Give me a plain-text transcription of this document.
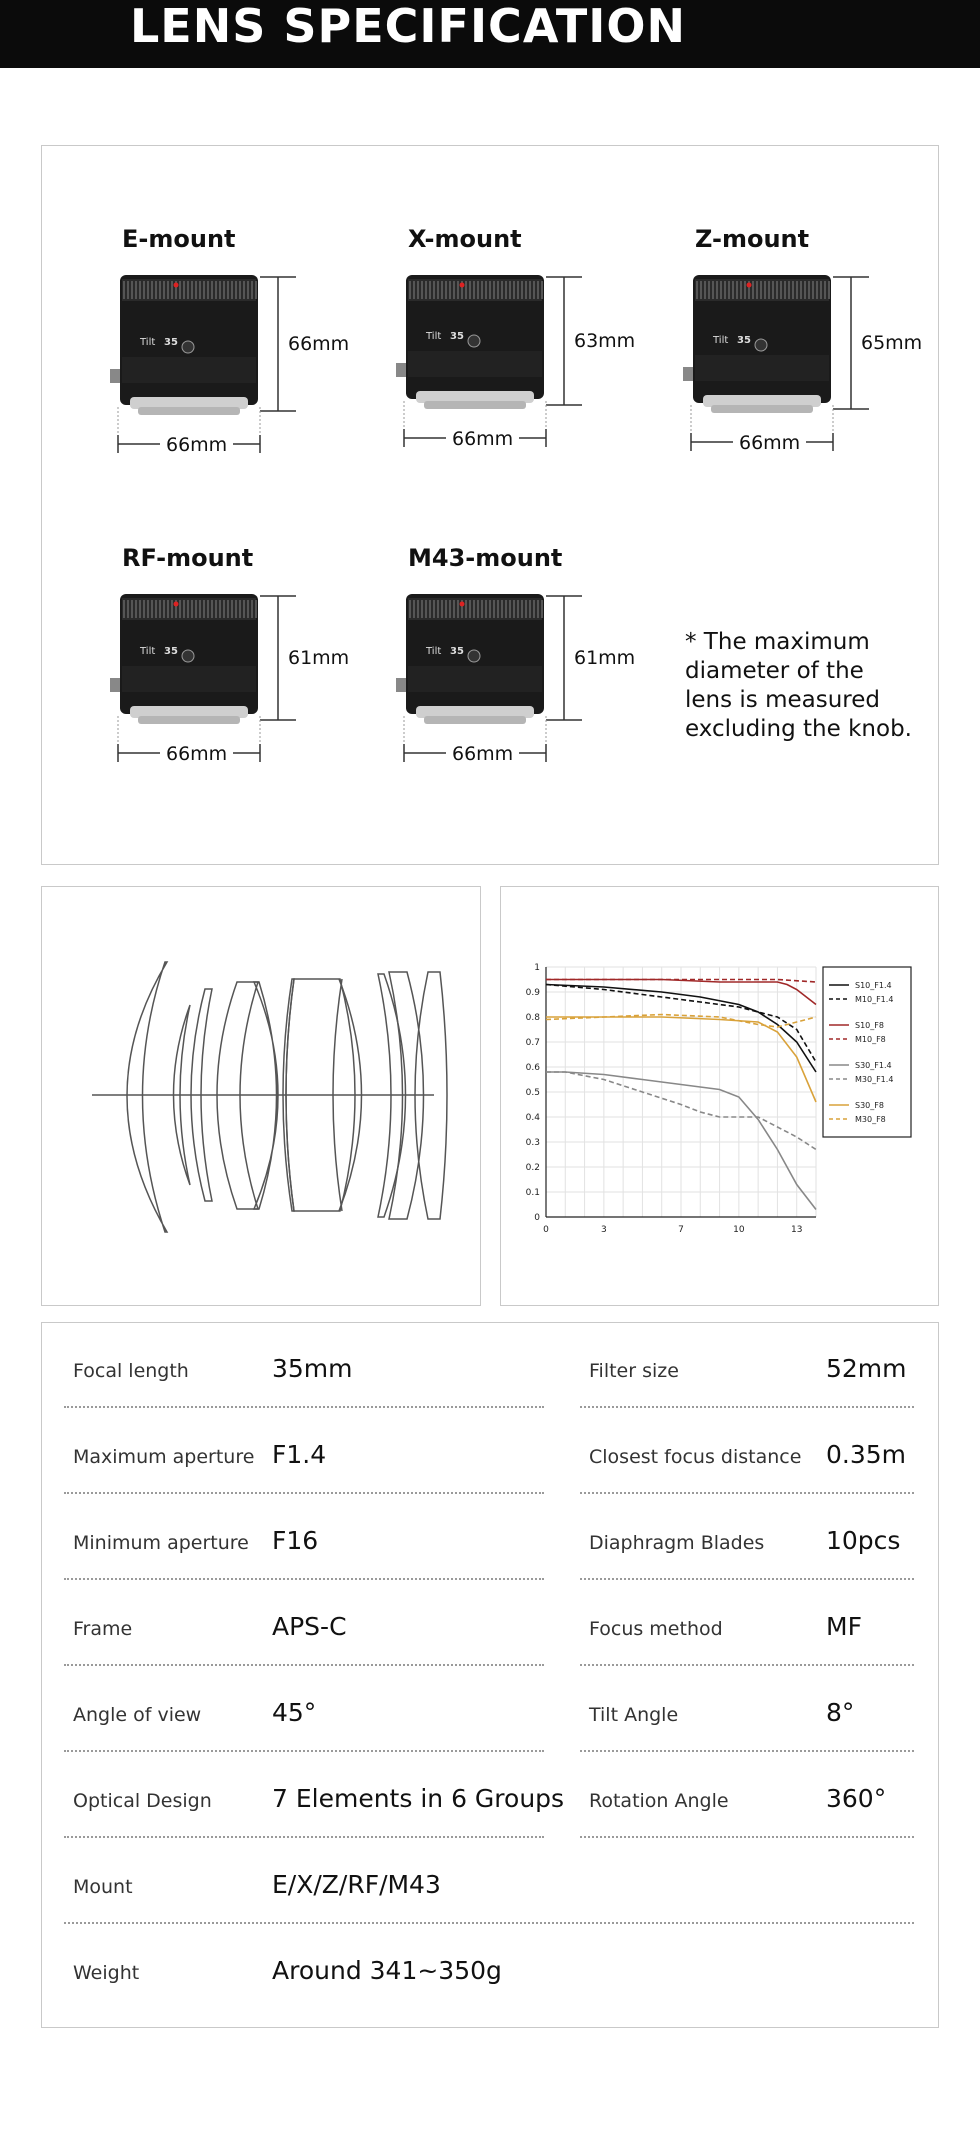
LENS SPECIFICATION
E-mount
Tilt 35	66mm
66mm
X-mount
Tilt 35	63mm
66mm
Z-mount
Tilt 35	65mm
66mm
RF-mount
Tilt 35	61mm
66mm
M43-mount
Tilt 35	61mm
66mm
* The maximum diameter of the lens is measured excluding the knob.
0
0.1
0.2
0.3
0.4
0.5
0.6
0.7
0.8
0.9
1
0	3	7	10	13
S10_F1.4
M10_F1.4
S10_F8
M10_F8
S30_F1.4
M30_F1.4
S30_F8
M30_F8
Focal length	35mm
Maximum aperture F1.4
Minimum aperture F16
Frame	APS-C
Angle of view	45°
Optical Design 7 Elements in 6 Groups
Mount	E/X/Z/RF/M43
Weight	Around 341~350g
Filter size	52mm
Closest focus distance 0.35m
Diaphragm Blades 10pcs
Focus method	MF
Tilt Angle	8°
Rotation Angle	360°
